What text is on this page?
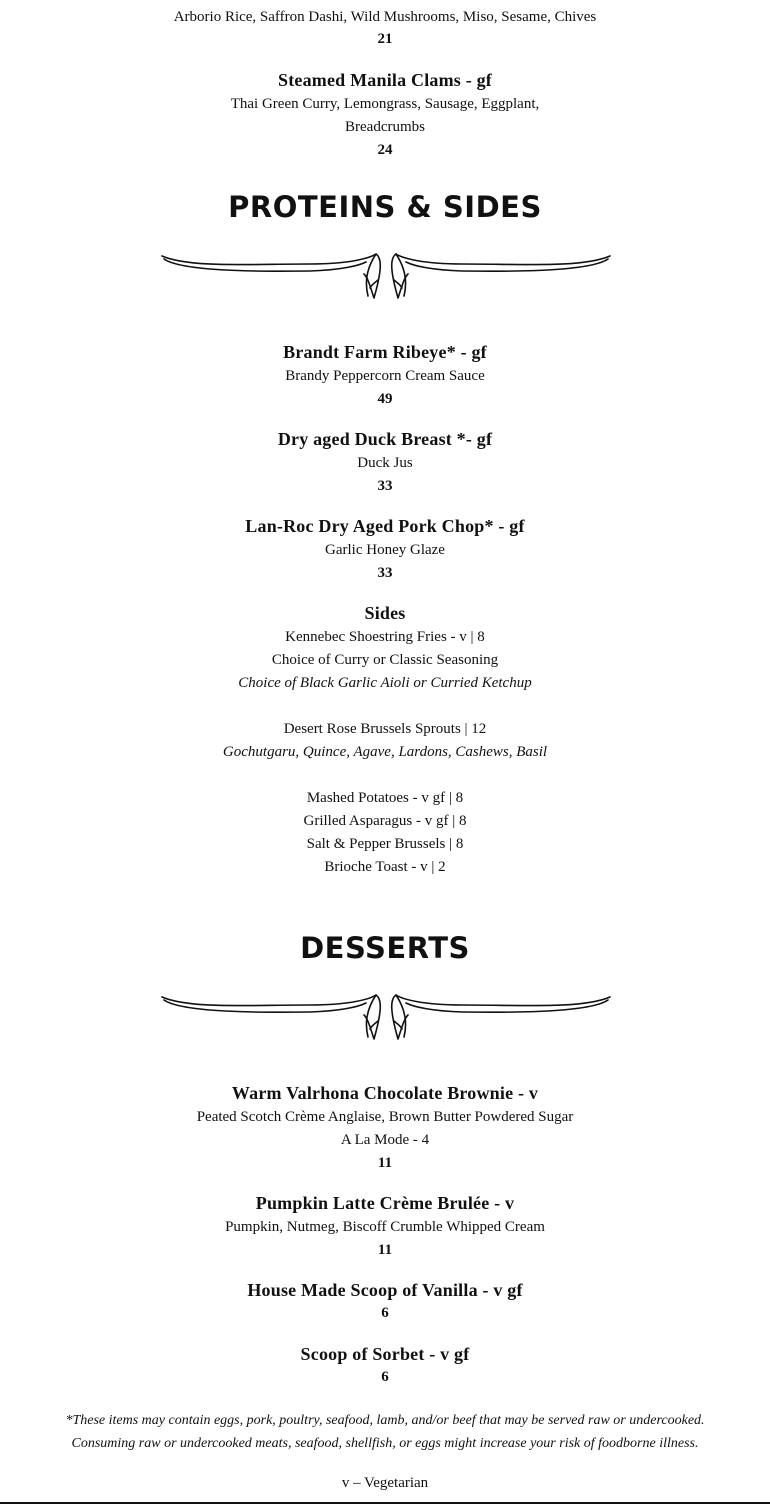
Arborio Rice, Saffron Dashi, Wild Mushrooms, Miso, Sesame, Chives
21
Steamed Manila Clams - gf
Thai Green Curry, Lemongrass, Sausage, Eggplant,
Breadcrumbs
24
PROTEINS & SIDES
Brandt Farm Ribeye* - gf
Brandy Peppercorn Cream Sauce
49
Dry aged Duck Breast *- gf
Duck Jus
33
Lan-Roc Dry Aged Pork Chop* - gf
Garlic Honey Glaze
33
Sides
Kennebec Shoestring Fries - v | 8
Choice of Curry or Classic Seasoning
Choice of Black Garlic Aioli or Curried Ketchup
Desert Rose Brussels Sprouts | 12
Gochutgaru, Quince, Agave, Lardons, Cashews, Basil
Mashed Potatoes - v gf | 8
Grilled Asparagus - v gf | 8
Salt & Pepper Brussels | 8
Brioche Toast - v | 2
DESSERTS
Warm Valrhona Chocolate Brownie - v
Peated Scotch Crème Anglaise, Brown Butter Powdered Sugar
A La Mode - 4
11
Pumpkin Latte Crème Brulée - v
Pumpkin, Nutmeg, Biscoff Crumble Whipped Cream
11
House Made Scoop of Vanilla - v gf
6
Scoop of Sorbet - v gf
6
*These items may contain eggs, pork, poultry, seafood, lamb, and/or beef that may be served raw or undercooked.
Consuming raw or undercooked meats, seafood, shellfish, or eggs might increase your risk of foodborne illness.
v – Vegetarian
